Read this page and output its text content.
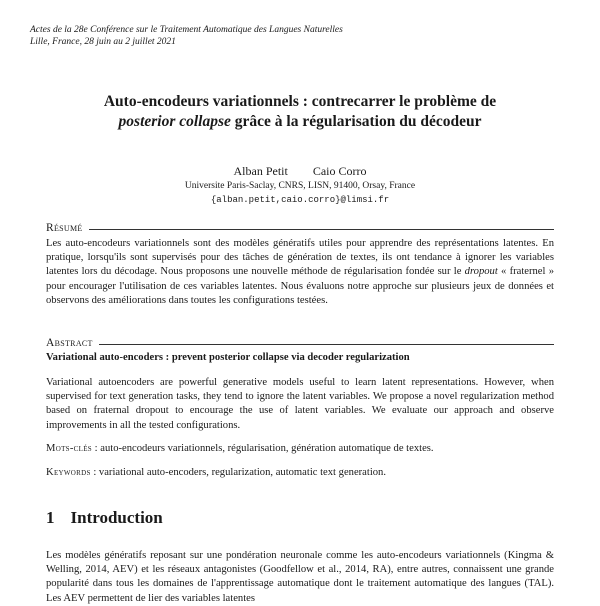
Actes de la 28e Conférence sur le Traitement Automatique des Langues Naturelles
Lille, France, 28 juin au 2 juillet 2021
Auto-encodeurs variationnels : contrecarrer le problème de
posterior collapse grâce à la régularisation du décodeur
Alban Petit Caio Corro
Universite Paris-Saclay, CNRS, LISN, 91400, Orsay, France
{alban.petit,caio.corro}@limsi.fr
Résumé
Les auto-encodeurs variationnels sont des modèles génératifs utiles pour apprendre des représentations latentes. En pratique, lorsqu'ils sont supervisés pour des tâches de génération de textes, ils ont tendance à ignorer les variables latentes lors du décodage. Nous proposons une nouvelle méthode de régularisation fondée sur le dropout « fraternel » pour encourager l'utilisation de ces variables latentes. Nous évaluons notre approche sur plusieurs jeux de données et observons des améliorations dans toutes les configurations testées.
Abstract
Variational auto-encoders : prevent posterior collapse via decoder regularization
Variational autoencoders are powerful generative models useful to learn latent representations. However, when supervised for text generation tasks, they tend to ignore the latent variables. We propose a novel regularization method based on fraternal dropout to encourage the use of latent variables. We evaluate our approach and observe improvements in all the tested configurations.
Mots-clés : auto-encodeurs variationnels, régularisation, génération automatique de textes.
Keywords : variational auto-encoders, regularization, automatic text generation.
1 Introduction
Les modèles génératifs reposant sur une pondération neuronale comme les auto-encodeurs variationnels (Kingma & Welling, 2014, AEV) et les réseaux antagonistes (Goodfellow et al., 2014, RA), entre autres, connaissent une grande popularité dans tous les domaines de l'apprentissage automatique dont le traitement automatique des langues (TAL). Les AEV permettent de lier des variables latentes
